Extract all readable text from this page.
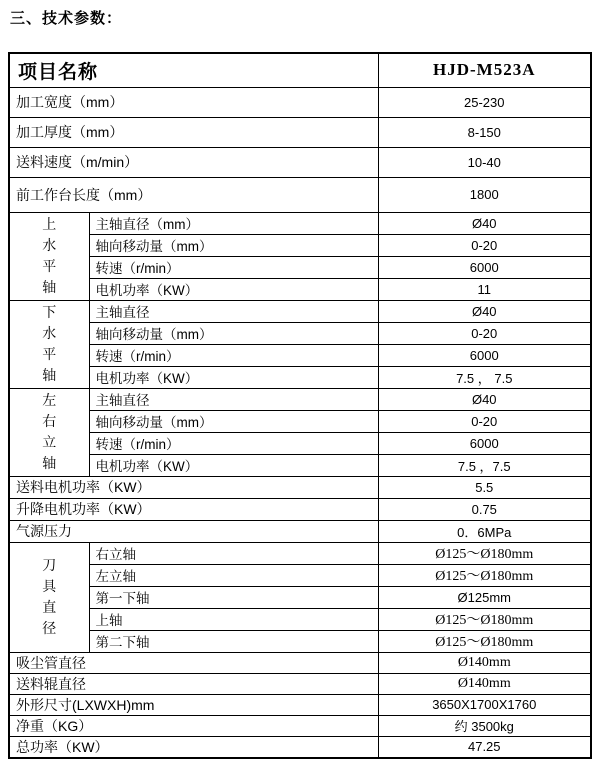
三、技术参数：
项目名称		HJD-M523A
加工宽度（mm）		25-230
加工厚度（mm）		8-150
送料速度（m/min）		10-40
前工作台长度（mm）		1800
上水平轴	主轴直径（mm）	Ø40
	轴向移动量（mm）	0-20
	转速（r/min）	6000
	电机功率（KW）	11
下水平轴	主轴直径	Ø40
	轴向移动量（mm）	0-20
	转速（r/min）	6000
	电机功率（KW）	7.5 ， 7.5
左右立轴	主轴直径	Ø40
	轴向移动量（mm）	0-20
	转速（r/min）	6000
	电机功率（KW）	7.5 ，7.5
送料电机功率（KW）		5.5
升降电机功率（KW）		0.75
气源压力		0．6MPa
刀具直径	右立轴	Ø125～Ø180mm
	左立轴	Ø125～Ø180mm
	第一下轴	Ø125mm
	上轴	Ø125～Ø180mm
	第二下轴	Ø125～Ø180mm
吸尘管直径		Ø140mm
送料辊直径		Ø140mm
外形尺寸(LXWXH)mm		3650X1700X1760
净重（KG）		约 3500kg
总功率（KW）		47.25
